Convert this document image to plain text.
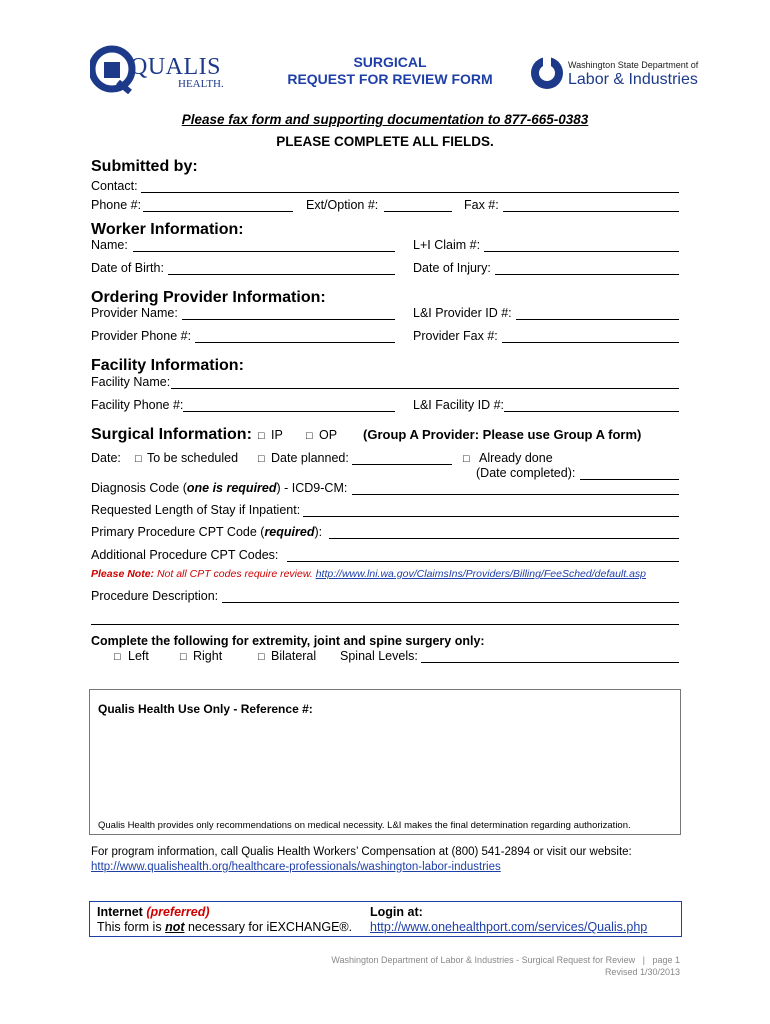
QUALIS
HEALTH.
SURGICAL
REQUEST FOR REVIEW FORM
Washington State Department of
Labor & Industries
Please fax form and supporting documentation to 877-665-0383
PLEASE COMPLETE ALL FIELDS.
Submitted by:
Contact:
Phone #:	Ext/Option #:	Fax #:
Worker Information:
Name:	L+I Claim #:
Date of Birth:	Date of Injury:
Ordering Provider Information:
Provider Name:	L&I Provider ID #:
Provider Phone #:	Provider Fax #:
Facility Information:
Facility Name:
Facility Phone #:	L&I Facility ID #:
Surgical Information: □ IP □ OP (Group A Provider: Please use Group A form)
Date: □ To be scheduled □ Date planned:	□ Already done
(Date completed):
Diagnosis Code (one is required) - ICD9-CM:
Requested Length of Stay if Inpatient:
Primary Procedure CPT Code (required):
Additional Procedure CPT Codes:
Please Note: Not all CPT codes require review. http://www.lni.wa.gov/ClaimsIns/Providers/Billing/FeeSched/default.asp
Procedure Description:
Complete the following for extremity, joint and spine surgery only:
□ Left	□ Right	□ Bilateral Spinal Levels:
Qualis Health Use Only - Reference #:
Qualis Health provides only recommendations on medical necessity. L&I makes the final determination regarding authorization.
For program information, call Qualis Health Workers’ Compensation at (800) 541-2894 or visit our website:
http://www.qualishealth.org/healthcare-professionals/washington-labor-industries
Internet (preferred)
This form is not necessary for iEXCHANGE®.
Login at:
http://www.onehealthport.com/services/Qualis.php
Washington Department of Labor & Industries - Surgical Request for Review   |   page 1
Revised 1/30/2013
